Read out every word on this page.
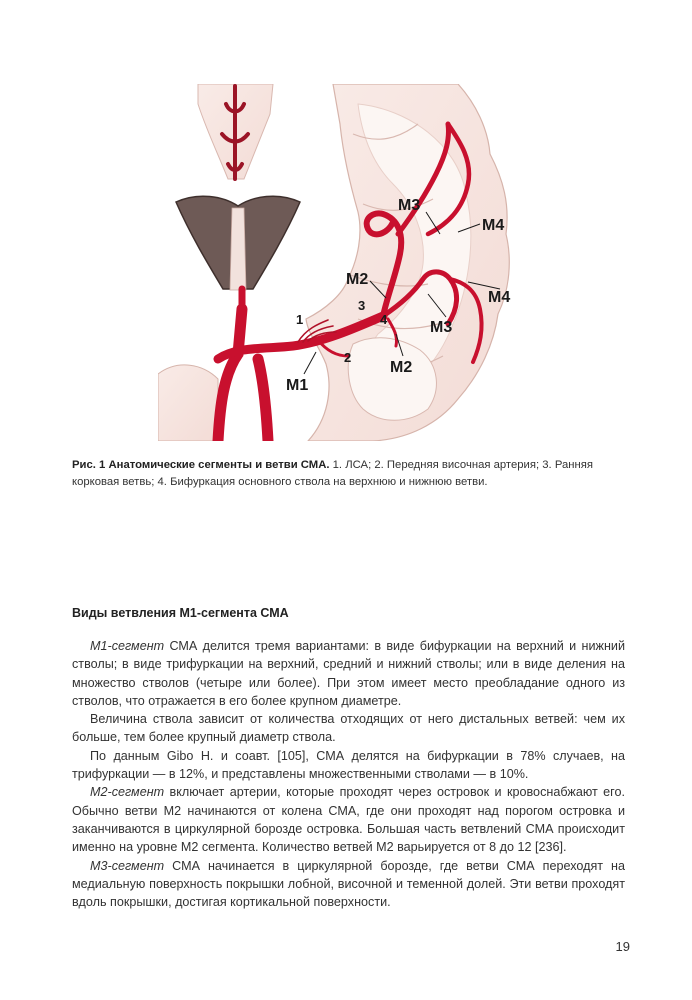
M3
M4
M2
M4
M3
M2
M1
1
2
3
4
Рис. 1 Анатомические сегменты и ветви СМА. 1. ЛСА; 2. Передняя височная артерия; 3. Ранняя корковая ветвь; 4. Бифуркация основного ствола на верхнюю и нижнюю ветви.
Виды ветвления М1-сегмента СМА

М1-сегмент СМА делится тремя вариантами: в виде бифуркации на верхний и нижний стволы; в виде трифуркации на верхний, средний и нижний стволы; или в виде деления на множество стволов (четыре или более). При этом имеет место преобладание одного из стволов, что отражается в его более крупном диаметре.

Величина ствола зависит от количества отходящих от него дистальных ветвей: чем их больше, тем более крупный диаметр ствола.

По данным Gibo H. и соавт. [105], СМА делятся на бифуркации в 78% случаев, на трифуркации — в 12%, и представлены множественными стволами — в 10%.

М2-сегмент включает артерии, которые проходят через островок и кровоснабжают его. Обычно ветви М2 начинаются от колена СМА, где они проходят над порогом островка и заканчиваются в циркулярной борозде островка. Большая часть ветвлений СМА происходит именно на уровне М2 сегмента. Количество ветвей М2 варьируется от 8 до 12 [236].

М3-сегмент СМА начинается в циркулярной борозде, где ветви СМА переходят на медиальную поверхность покрышки лобной, височной и теменной долей. Эти ветви проходят вдоль покрышки, достигая кортикальной поверхности.

19
